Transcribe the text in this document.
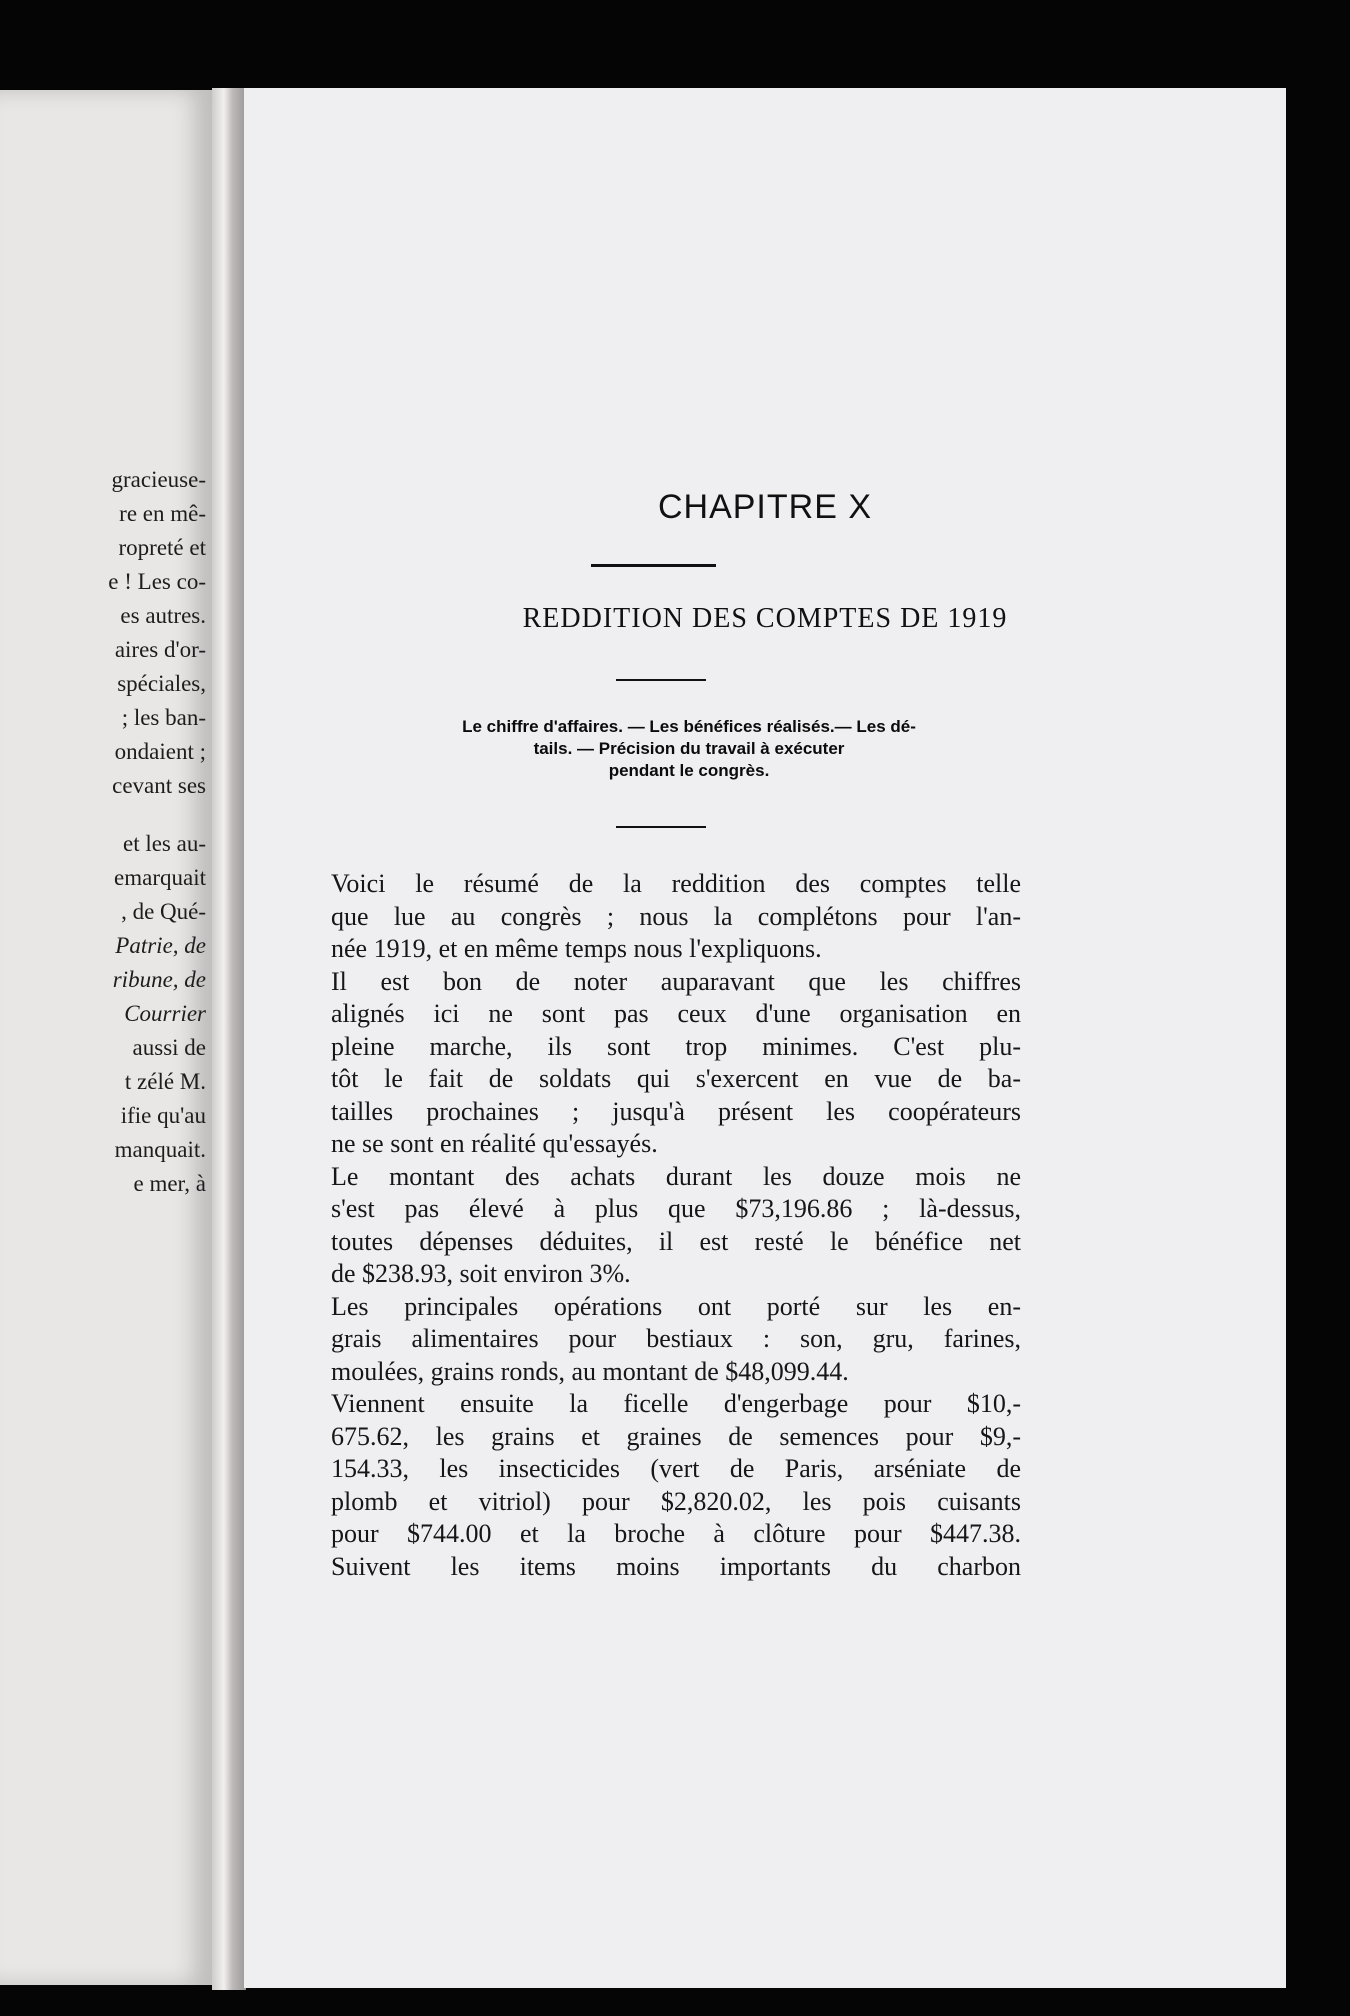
gracieuse-
re en mê-
ropreté et
e ! Les co-
es autres.
aires d'or-
spéciales,
; les ban-
ondaient ;
cevant ses
et les au-
emarquait
, de Qué-
Patrie, de
ribune, de
Courrier
aussi de
t zélé M.
ifie qu'au
manquait.
e mer, à
CHAPITRE X
REDDITION DES COMPTES DE 1919
Le chiffre d'affaires. — Les bénéfices réalisés.— Les dé-
tails. — Précision du travail à exécuter
pendant le congrès.
Voici le résumé de la reddition des comptes telle
que lue au congrès ; nous la complétons pour l'an-
née 1919, et en même temps nous l'expliquons.
Il est bon de noter auparavant que les chiffres
alignés ici ne sont pas ceux d'une organisation en
pleine marche, ils sont trop minimes. C'est plu-
tôt le fait de soldats qui s'exercent en vue de ba-
tailles prochaines ; jusqu'à présent les coopérateurs
ne se sont en réalité qu'essayés.
Le montant des achats durant les douze mois ne
s'est pas élevé à plus que $73,196.86 ; là-dessus,
toutes dépenses déduites, il est resté le bénéfice net
de $238.93, soit environ 3%.
Les principales opérations ont porté sur les en-
grais alimentaires pour bestiaux : son, gru, farines,
moulées, grains ronds, au montant de $48,099.44.
Viennent ensuite la ficelle d'engerbage pour $10,-
675.62, les grains et graines de semences pour $9,-
154.33, les insecticides (vert de Paris, arséniate de
plomb et vitriol) pour $2,820.02, les pois cuisants
pour $744.00 et la broche à clôture pour $447.38.
Suivent les items moins importants du charbon
